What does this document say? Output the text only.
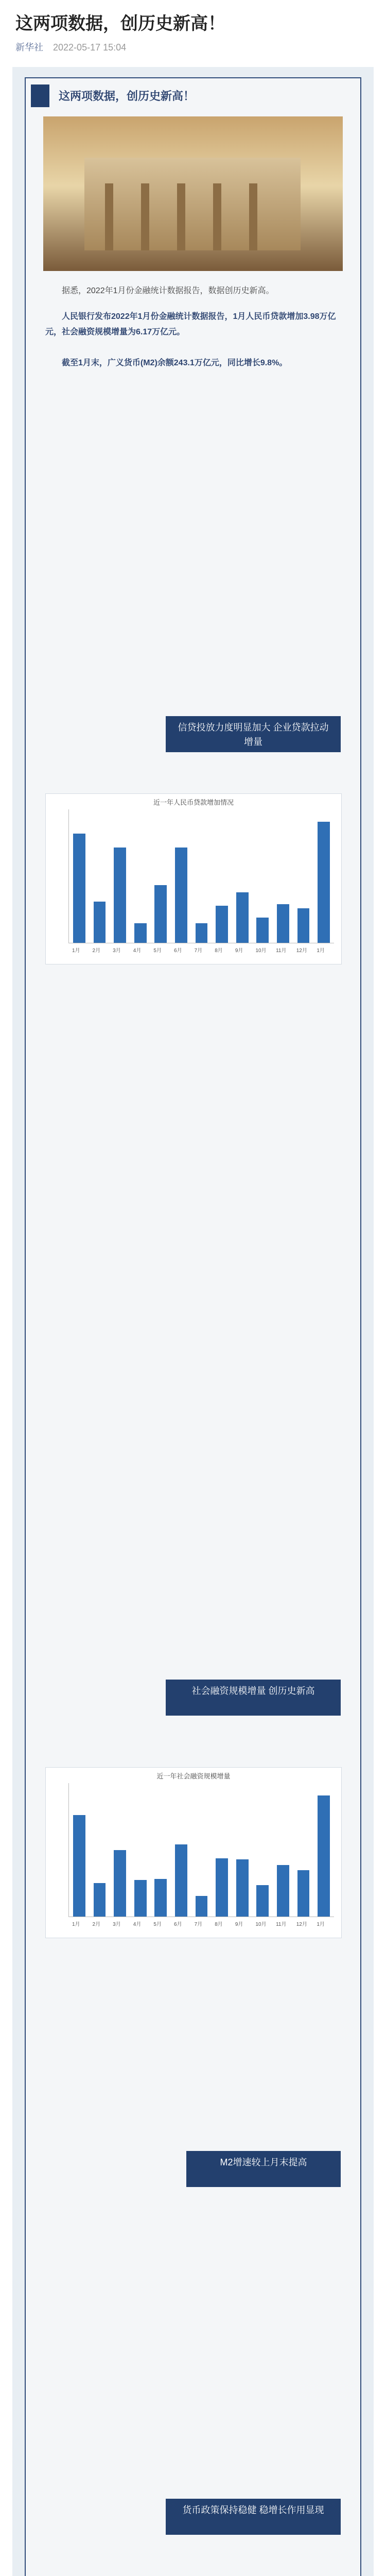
这两项数据，创历史新高！
新华社 2022-05-17 15:04
这两项数据，创历史新高！

据悉，2022年1月份金融统计数据报告，数据创历史新高。

人民银行发布2022年1月份金融统计数据报告，1月人民币贷款增加3.98万亿元，社会融资规模增量为6.17万亿元。

截至1月末，广义货币(M2)余额243.1万亿元，同比增长9.8%。

信贷投放力度明显加大 企业贷款拉动增量
近一年人民币贷款增加情况
1月 2月 3月 4月 5月 6月 7月 8月 9月 10月 11月 12月 1月
社会融资规模增量 创历史新高
近一年社会融资规模增量
1月 2月 3月 4月 5月 6月 7月 8月 9月 10月 11月 12月 1月
M2增速较上月末提高
货币政策保持稳健 稳增长作用显现
